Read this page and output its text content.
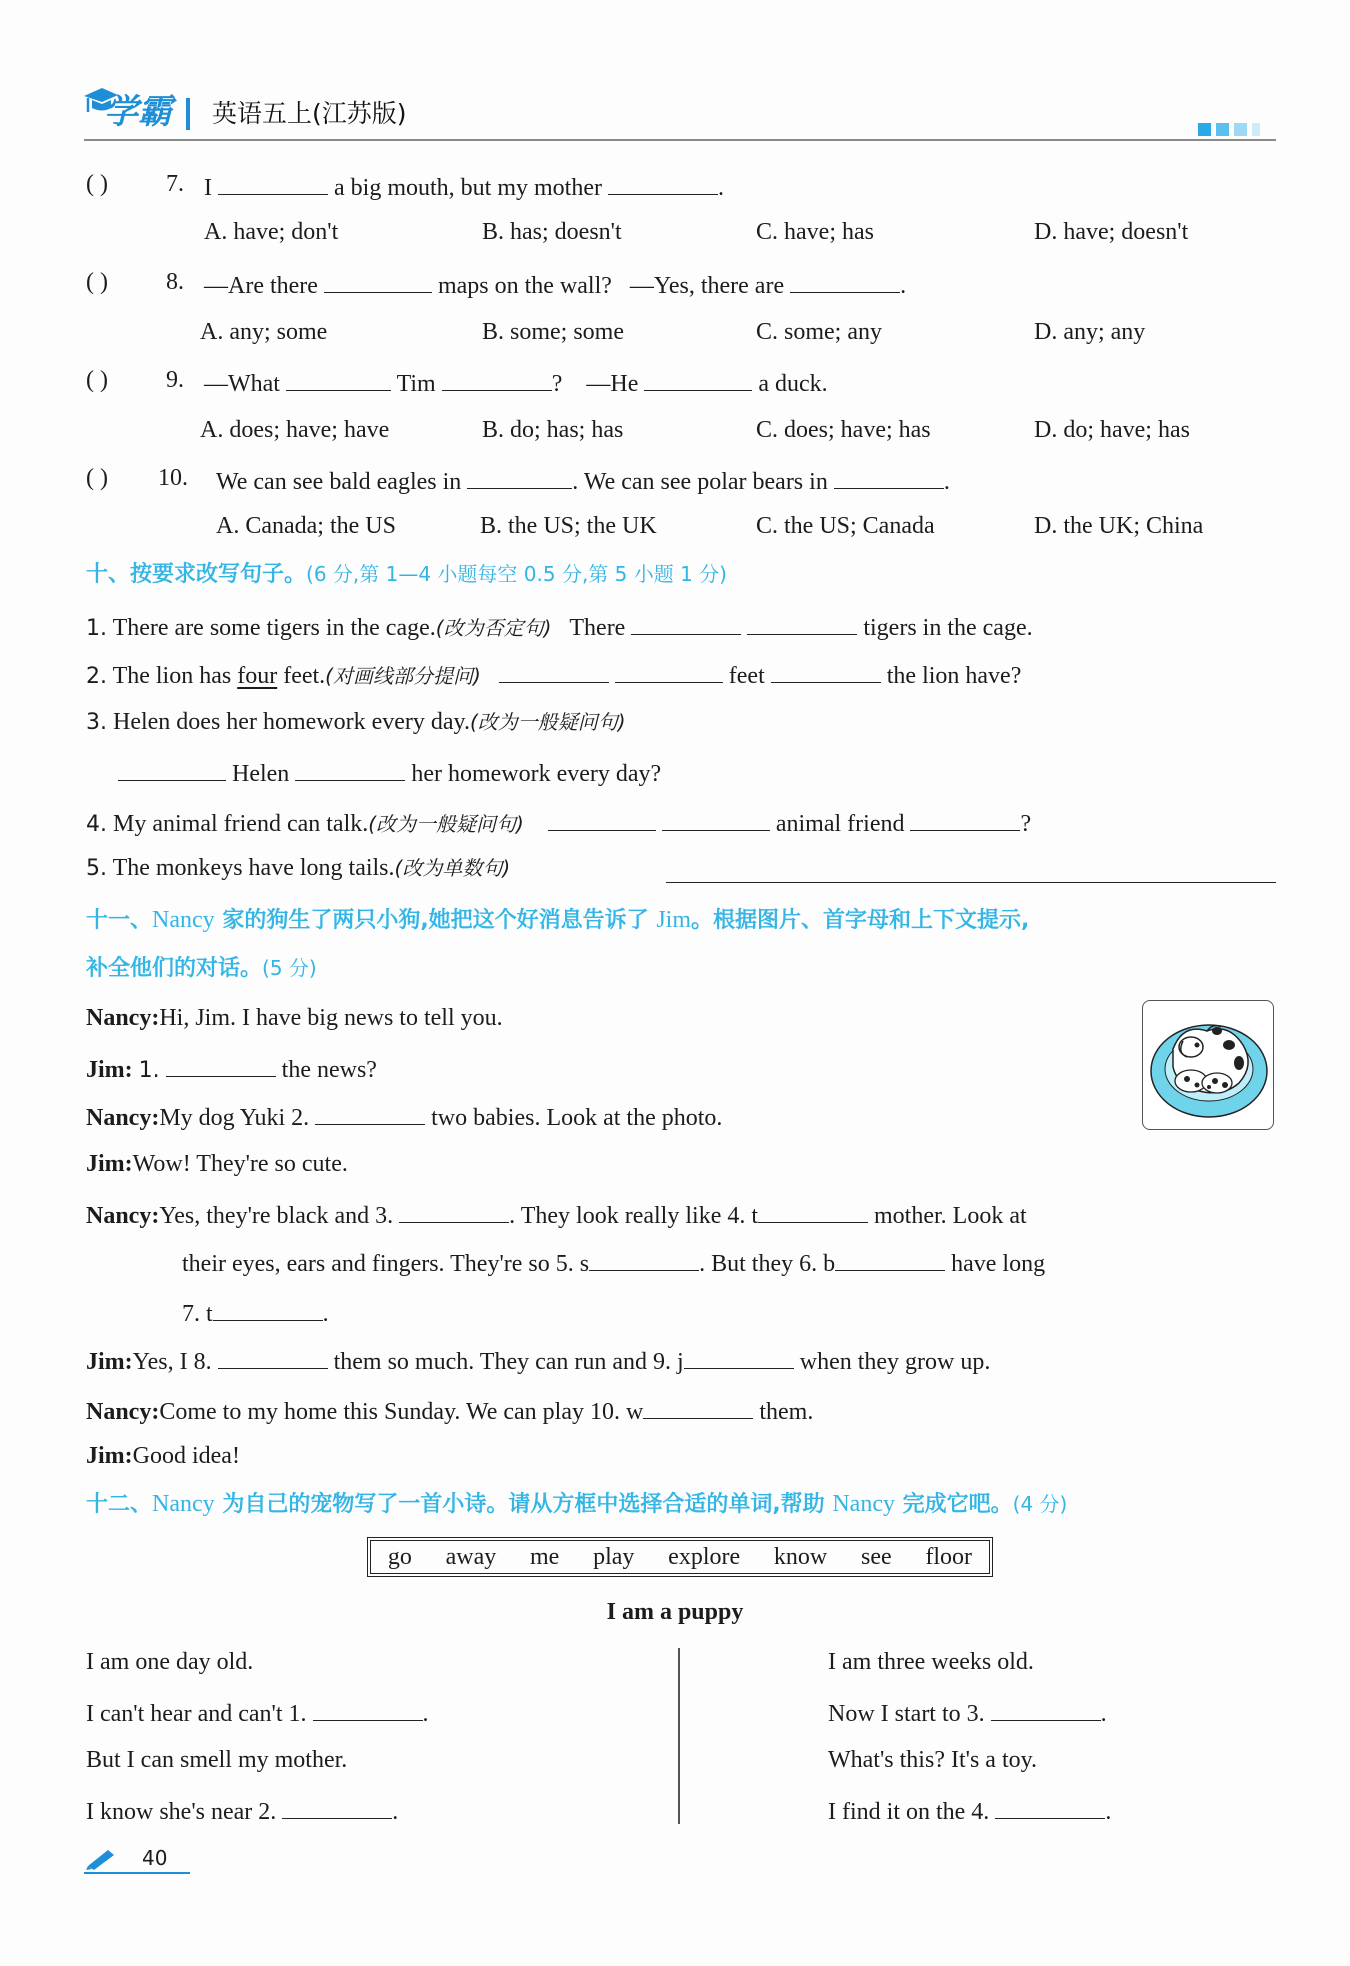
学霸 英语五上(江苏版)
( ) 7. I	a big mouth, but my mother	.
A. have; don't	B. has; doesn't	C. have; has	D. have; doesn't
( ) 8. —Are there	maps on the wall? —Yes, there are	.
A. any; some	B. some; some	C. some; any	D. any; any
( ) 9. —What	Tim	? —He	a duck.
A. does; have; have	B. do; has; has	C. does; have; has	D. do; have; has
( ) 10. We can see bald eagles in	. We can see polar bears in	.
A. Canada; the US	B. the US; the UK	C. the US; Canada	D. the UK; China
十、按要求改写句子。(6 分,第 1—4 小题每空 0.5 分,第 5 小题 1 分)
1. There are some tigers in the cage.(改为否定句) There	tigers in the cage.
2. The lion has four feet.(对画线部分提问)	feet	the lion have?
3. Helen does her homework every day.(改为一般疑问句)
Helen	her homework every day?
4. My animal friend can talk.(改为一般疑问句)	animal friend	?
5. The monkeys have long tails.(改为单数句)
十一、Nancy 家的狗生了两只小狗,她把这个好消息告诉了 Jim。根据图片、首字母和上下文提示,
补全他们的对话。(5 分)
Nancy:Hi, Jim. I have big news to tell you.
Jim: 1.	the news?
Nancy:My dog Yuki 2.	two babies. Look at the photo.
Jim:Wow! They're so cute.
Nancy:Yes, they're black and 3.	. They look really like 4. t	mother. Look at
their eyes, ears and fingers. They're so 5. s	. But they 6. b	have long
7. t	.
Jim:Yes, I 8.	them so much. They can run and 9. j	when they grow up.
Nancy:Come to my home this Sunday. We can play 10. w	them.
Jim:Good idea!
十二、Nancy 为自己的宠物写了一首小诗。请从方框中选择合适的单词,帮助 Nancy 完成它吧。(4 分)
go away me play explore know see floor
I am a puppy
I am one day old.
I can't hear and can't 1.	.
But I can smell my mother.
I know she's near 2.	.
I am three weeks old.
Now I start to 3.	.
What's this? It's a toy.
I find it on the 4.	.
40
